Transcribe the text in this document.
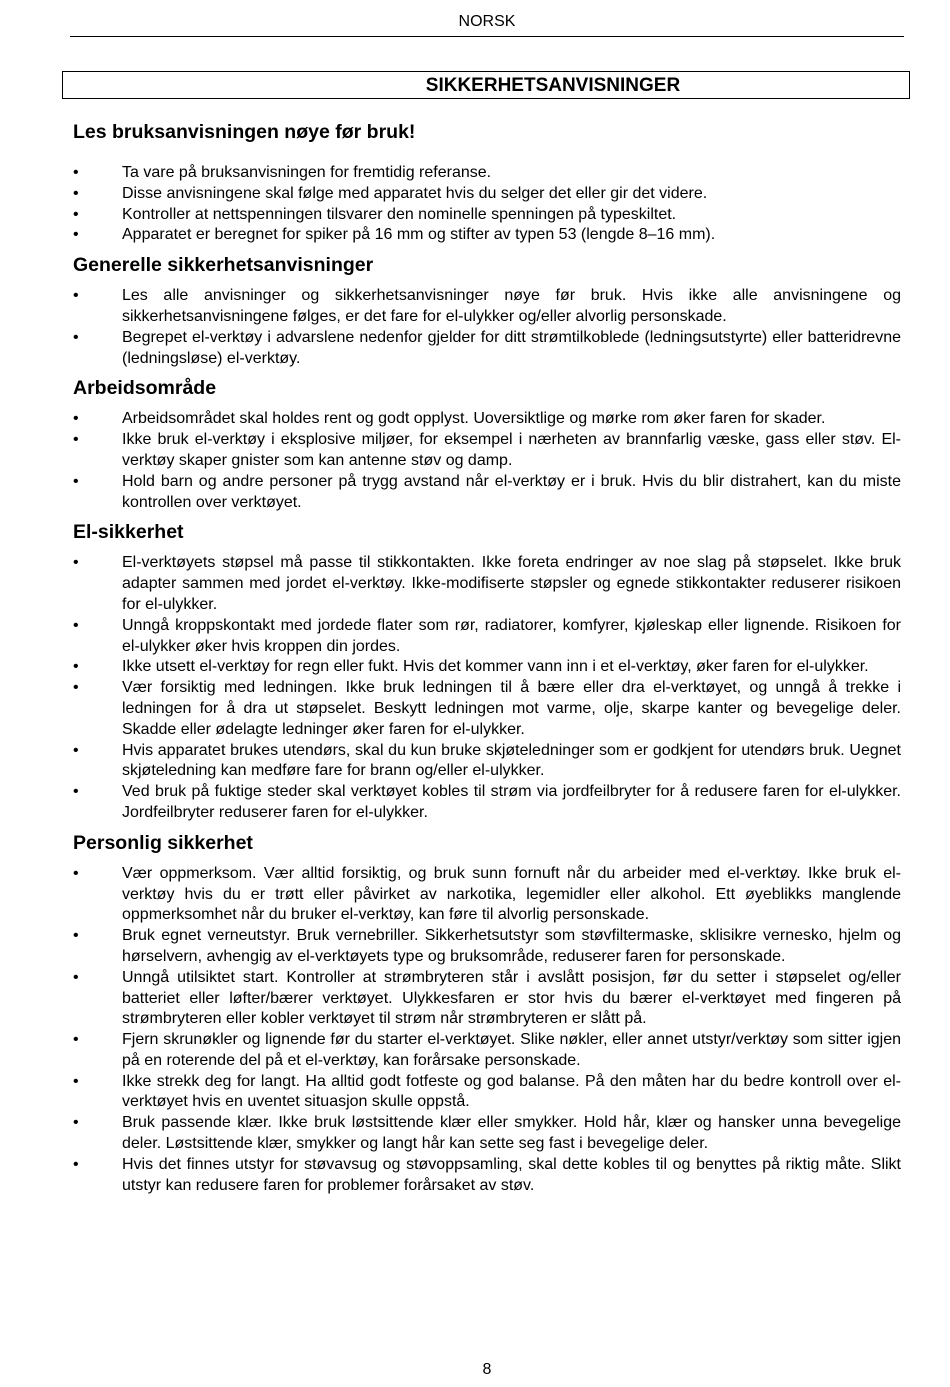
NORSK
SIKKERHETSANVISNINGER
Les bruksanvisningen nøye før bruk!
•	Ta vare på bruksanvisningen for fremtidig referanse.
•	Disse anvisningene skal følge med apparatet hvis du selger det eller gir det videre.
•	Kontroller at nettspenningen tilsvarer den nominelle spenningen på typeskiltet.
•	Apparatet er beregnet for spiker på 16 mm og stifter av typen 53 (lengde 8–16 mm).
Generelle sikkerhetsanvisninger
•	Les alle anvisninger og sikkerhetsanvisninger nøye før bruk. Hvis ikke alle anvisningene og sikkerhetsanvisningene følges, er det fare for el-ulykker og/eller alvorlig personskade.
•	Begrepet el-verktøy i advarslene nedenfor gjelder for ditt strømtilkoblede (ledningsutstyrte) eller batteridrevne (ledningsløse) el-verktøy.
Arbeidsområde
•	Arbeidsområdet skal holdes rent og godt opplyst. Uoversiktlige og mørke rom øker faren for skader.
•	Ikke bruk el-verktøy i eksplosive miljøer, for eksempel i nærheten av brannfarlig væske, gass eller støv. El-verktøy skaper gnister som kan antenne støv og damp.
•	Hold barn og andre personer på trygg avstand når el-verktøy er i bruk. Hvis du blir distrahert, kan du miste kontrollen over verktøyet.
El-sikkerhet
•	El-verktøyets støpsel må passe til stikkontakten. Ikke foreta endringer av noe slag på støpselet. Ikke bruk adapter sammen med jordet el-verktøy. Ikke-modifiserte støpsler og egnede stikkontakter reduserer risikoen for el-ulykker.
•	Unngå kroppskontakt med jordede flater som rør, radiatorer, komfyrer, kjøleskap eller lignende. Risikoen for el-ulykker øker hvis kroppen din jordes.
•	Ikke utsett el-verktøy for regn eller fukt. Hvis det kommer vann inn i et el-verktøy, øker faren for el-ulykker.
•	Vær forsiktig med ledningen. Ikke bruk ledningen til å bære eller dra el-verktøyet, og unngå å trekke i ledningen for å dra ut støpselet. Beskytt ledningen mot varme, olje, skarpe kanter og bevegelige deler. Skadde eller ødelagte ledninger øker faren for el-ulykker.
•	Hvis apparatet brukes utendørs, skal du kun bruke skjøteledninger som er godkjent for utendørs bruk. Uegnet skjøteledning kan medføre fare for brann og/eller el-ulykker.
•	Ved bruk på fuktige steder skal verktøyet kobles til strøm via jordfeilbryter for å redusere faren for el-ulykker. Jordfeilbryter reduserer faren for el-ulykker.
Personlig sikkerhet
•	Vær oppmerksom. Vær alltid forsiktig, og bruk sunn fornuft når du arbeider med el-verktøy. Ikke bruk el-verktøy hvis du er trøtt eller påvirket av narkotika, legemidler eller alkohol. Ett øyeblikks manglende oppmerksomhet når du bruker el-verktøy, kan føre til alvorlig personskade.
•	Bruk egnet verneutstyr. Bruk vernebriller. Sikkerhetsutstyr som støvfiltermaske, sklisikre vernesko, hjelm og hørselvern, avhengig av el-verktøyets type og bruksområde, reduserer faren for personskade.
•	Unngå utilsiktet start. Kontroller at strømbryteren står i avslått posisjon, før du setter i støpselet og/eller batteriet eller løfter/bærer verktøyet. Ulykkesfaren er stor hvis du bærer el-verktøyet med fingeren på strømbryteren eller kobler verktøyet til strøm når strømbryteren er slått på.
•	Fjern skrunøkler og lignende før du starter el-verktøyet. Slike nøkler, eller annet utstyr/verktøy som sitter igjen på en roterende del på et el-verktøy, kan forårsake personskade.
•	Ikke strekk deg for langt. Ha alltid godt fotfeste og god balanse. På den måten har du bedre kontroll over el-verktøyet hvis en uventet situasjon skulle oppstå.
•	Bruk passende klær. Ikke bruk løstsittende klær eller smykker. Hold hår, klær og hansker unna bevegelige deler. Løstsittende klær, smykker og langt hår kan sette seg fast i bevegelige deler.
•	Hvis det finnes utstyr for støvavsug og støvoppsamling, skal dette kobles til og benyttes på riktig måte. Slikt utstyr kan redusere faren for problemer forårsaket av støv.
8
